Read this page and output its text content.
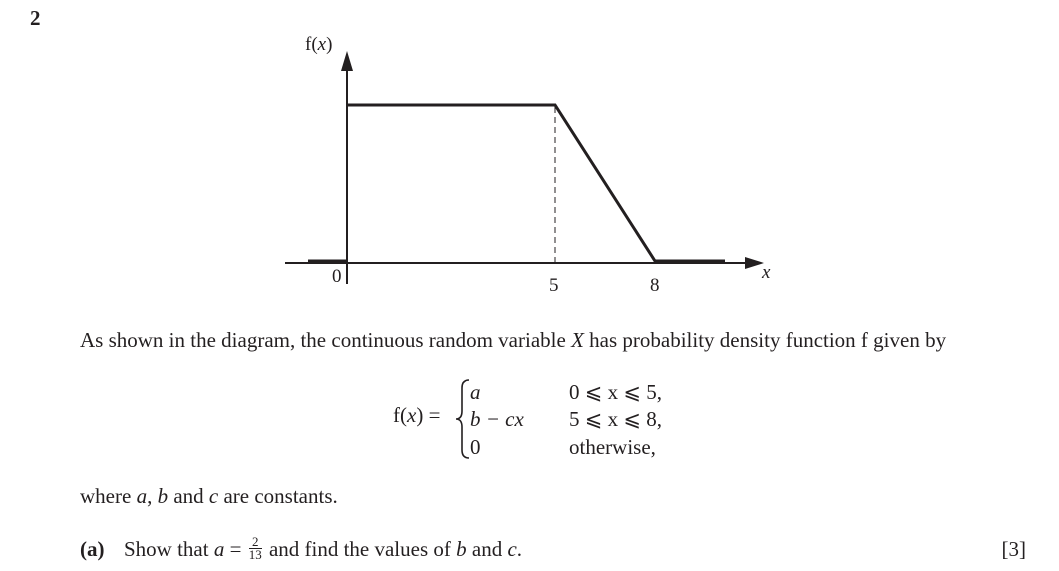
2
f(x)
x
0	5	8
As shown in the diagram, the continuous random variable X has probability density function f given by
f(x) =
a	0 ⩽ x ⩽ 5,
b − cx 5 ⩽ x ⩽ 8,
0	otherwise,
where a, b and c are constants.
(a) Show that $a = \frac{2}{13}$ and find the values of b and c.	[3]
